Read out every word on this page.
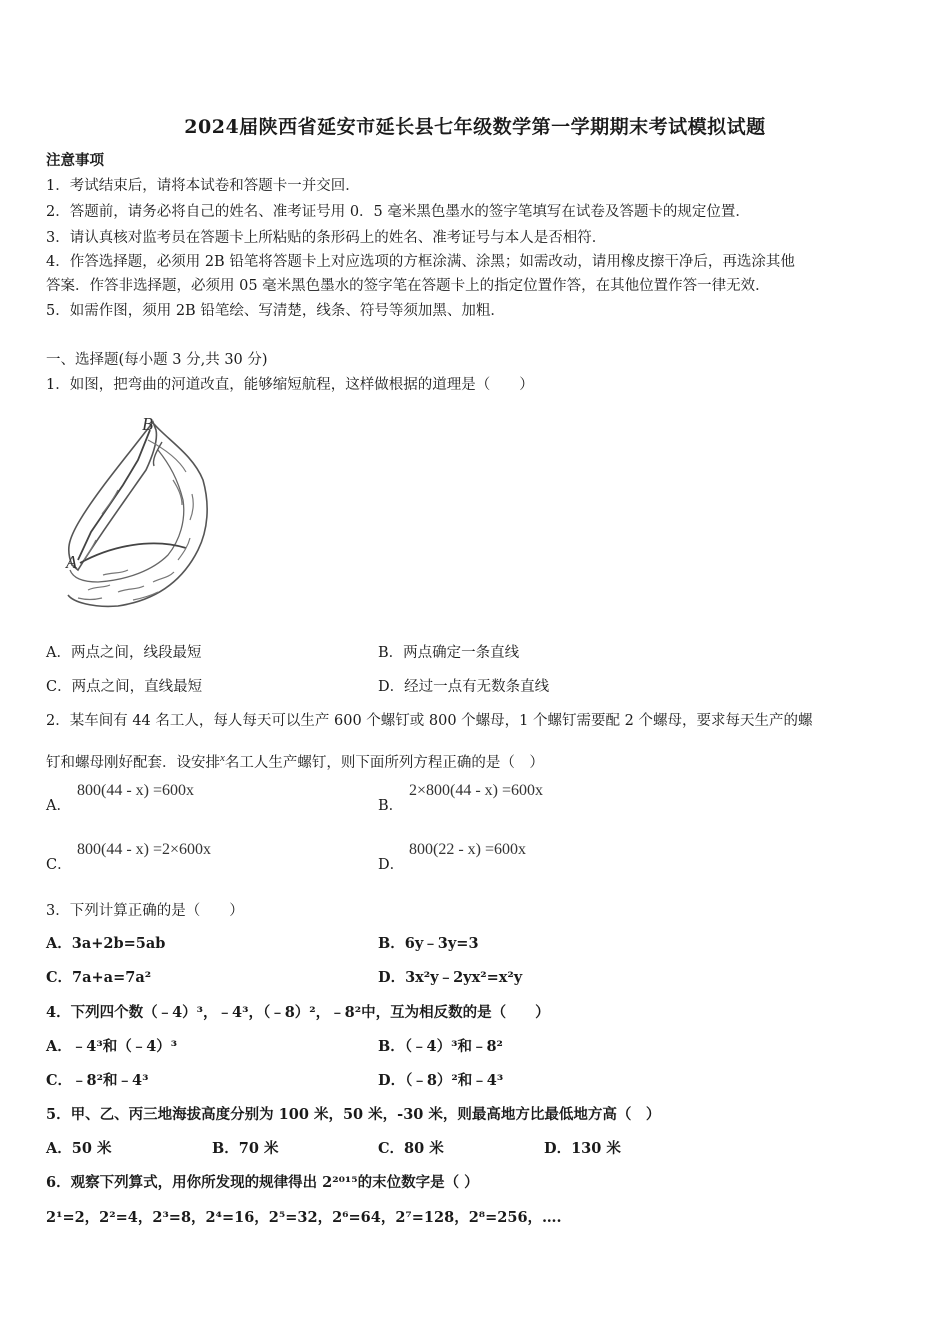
2024届陕西省延安市延长县七年级数学第一学期期末考试模拟试题
注意事项
1．考试结束后，请将本试卷和答题卡一并交回．
2．答题前，请务必将自己的姓名、准考证号用 0．5 毫米黑色墨水的签字笔填写在试卷及答题卡的规定位置．
3．请认真核对监考员在答题卡上所粘贴的条形码上的姓名、准考证号与本人是否相符．
4．作答选择题，必须用 2B 铅笔将答题卡上对应选项的方框涂满、涂黑；如需改动，请用橡皮擦干净后，再选涂其他
答案．作答非选择题，必须用 05 毫米黑色墨水的签字笔在答题卡上的指定位置作答，在其他位置作答一律无效．
5．如需作图，须用 2B 铅笔绘、写清楚，线条、符号等须加黑、加粗．
一、选择题(每小题 3 分,共 30 分)
1．如图，把弯曲的河道改直，能够缩短航程，这样做根据的道理是（　　）
B
A
A．两点之间，线段最短	B．两点确定一条直线
C．两点之间，直线最短	D．经过一点有无数条直线
2．某车间有 44 名工人，每人每天可以生产 600 个螺钉或 800 个螺母，1 个螺钉需要配 2 个螺母，要求每天生产的螺
钉和螺母刚好配套．设安排$^x$名工人生产螺钉，则下面所列方程正确的是（　）
A．
800(44 - x) =600x
B．
2×800(44 - x) =600x
C．
800(44 - x) =2×600x
D．
800(22 - x) =600x
3．下列计算正确的是（　　）
A．3a+2b=5ab	B．6y﹣3y=3
C．7a+a=7a²	D．3x²y﹣2yx²=x²y
4．下列四个数（﹣4）³，﹣4³，（﹣8）²，﹣8²中，互为相反数的是（　　）
A．﹣4³和（﹣4）³	B．（﹣4）³和﹣8²
C．﹣8²和﹣4³	D．（﹣8）²和﹣4³
5．甲、乙、丙三地海拔高度分别为 100 米，50 米，-30 米，则最高地方比最低地方高（　）
A．50 米	B．70 米	C．80 米	D．130 米
6．观察下列算式，用你所发现的规律得出 2²⁰¹⁵的末位数字是（ ）
2¹=2，2²=4，2³=8，2⁴=16，2⁵=32，2⁶=64，2⁷=128，2⁸=256，….
